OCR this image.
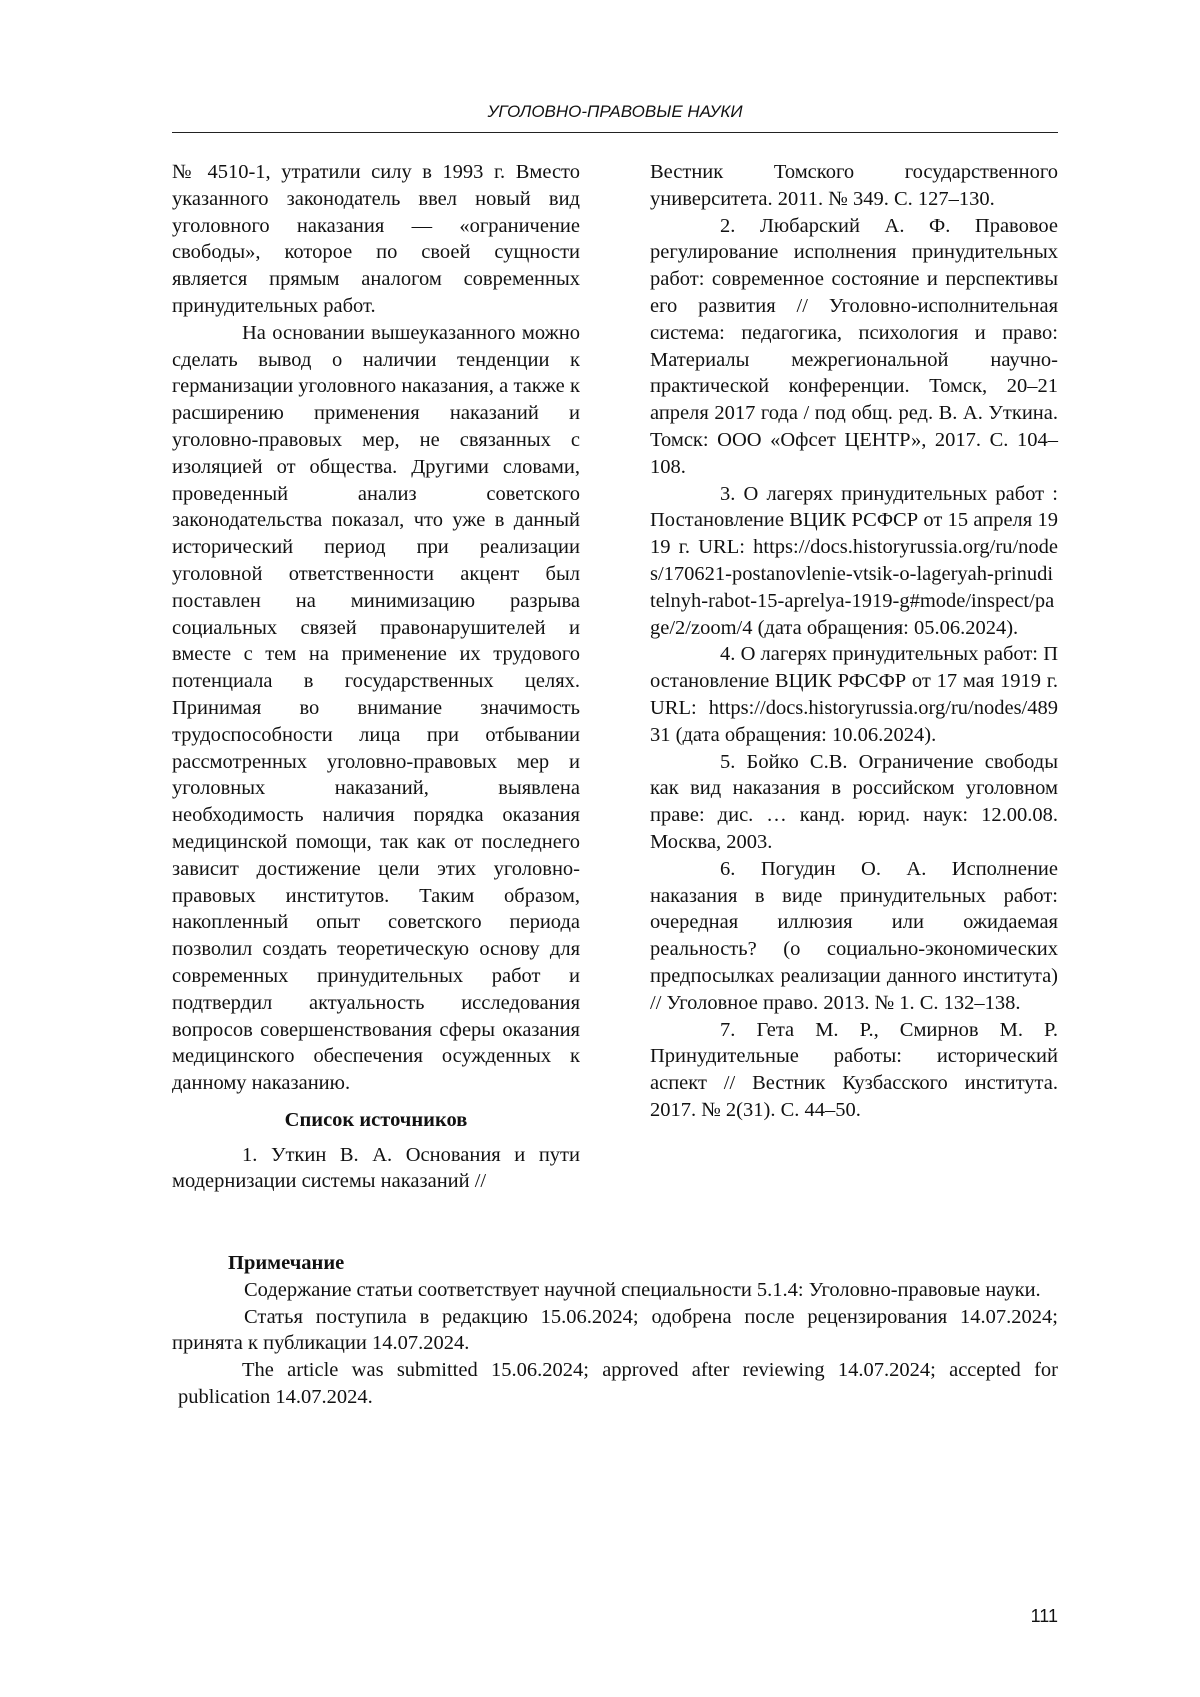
УГОЛОВНО-ПРАВОВЫЕ НАУКИ

№ 4510-1, утратили силу в 1993 г. Вместо указанного законодатель ввел новый вид уголовного наказания — «ограничение свободы», которое по своей сущности является прямым аналогом современных принудительных работ.

На основании вышеуказанного можно сделать вывод о наличии тенденции к германизации уголовного наказания, а также к расширению применения наказаний и уголовно-правовых мер, не связанных с изоляцией от общества. Другими словами, проведенный анализ советского законодательства показал, что уже в данный исторический период при реализации уголовной ответственности акцент был поставлен на минимизацию разрыва социальных связей правонарушителей и вместе с тем на применение их трудового потенциала в государственных целях. Принимая во внимание значимость трудоспособности лица при отбывании рассмотренных уголовно-правовых мер и уголовных наказаний, выявлена необходимость наличия порядка оказания медицинской помощи, так как от последнего зависит достижение цели этих уголовно-правовых институтов. Таким образом, накопленный опыт советского периода позволил создать теоретическую основу для современных принудительных работ и подтвердил актуальность исследования вопросов совершенствования сферы оказания медицинского обеспечения осужденных к данному наказанию.

Список источников

1. Уткин В. А. Основания и пути модернизации системы наказаний //

Вестник Томского государственного университета. 2011. № 349. С. 127–130.

2. Любарский А. Ф. Правовое регулирование исполнения принудительных работ: современное состояние и перспективы его развития // Уголовно-исполнительная система: педагогика, психология и право: Материалы межрегиональной научно-практической конференции. Томск, 20–21 апреля 2017 года / под общ. ред. В. А. Уткина. Томск: ООО «Офсет ЦЕНТР», 2017. С. 104–108.

3. О лагерях принудительных работ : Постановление ВЦИК РСФСР от 15 апреля 1919 г. URL: https://docs.historyrussia.org/ru/nodes/170621-postanovlenie-vtsik-o-lageryah-prinuditelnyh-rabot-15-aprelya-1919-g#mode/inspect/page/2/zoom/4 (дата обращения: 05.06.2024).

4. О лагерях принудительных работ: Постановление ВЦИК РФСФР от 17 мая 1919 г. URL: https://docs.historyrussia.org/ru/nodes/48931 (дата обращения: 10.06.2024).

5. Бойко С.В. Ограничение свободы как вид наказания в российском уголовном праве: дис. … канд. юрид. наук: 12.00.08. Москва, 2003.

6. Погудин О. А. Исполнение наказания в виде принудительных работ: очередная иллюзия или ожидаемая реальность? (о социально-экономических предпосылках реализации данного института) // Уголовное право. 2013. № 1. С. 132–138.

7. Гета М. Р., Смирнов М. Р. Принудительные работы: исторический аспект // Вестник Кузбасского института. 2017. № 2(31). С. 44–50.

Примечание

Содержание статьи соответствует научной специальности 5.1.4: Уголовно-правовые науки.

Статья поступила в редакцию 15.06.2024; одобрена после рецензирования 14.07.2024; принята к публикации 14.07.2024.

The article was submitted 15.06.2024; approved after reviewing 14.07.2024; accepted for publication 14.07.2024.

111
